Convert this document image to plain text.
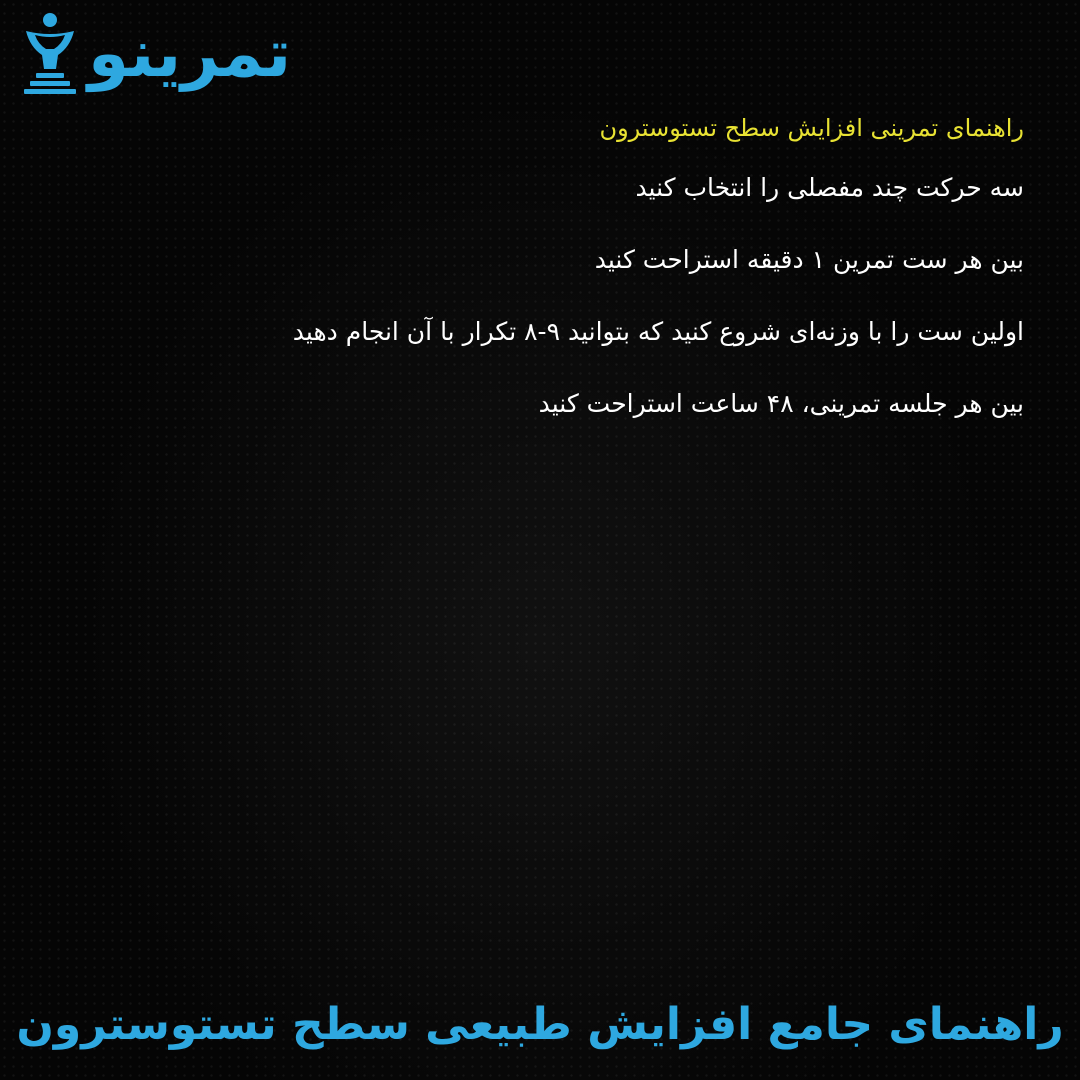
تمرینو
راهنمای تمرینی افزایش سطح تستوسترون
سه حرکت چند مفصلی را انتخاب کنید
بین هر ست تمرین ۱ دقیقه استراحت کنید
اولین ست را با وزنه‌ای شروع کنید که بتوانید ۹-۸ تکرار با آن انجام دهید
بین هر جلسه تمرینی، ۴۸ ساعت استراحت کنید
راهنمای جامع افزایش طبیعی سطح تستوسترون
